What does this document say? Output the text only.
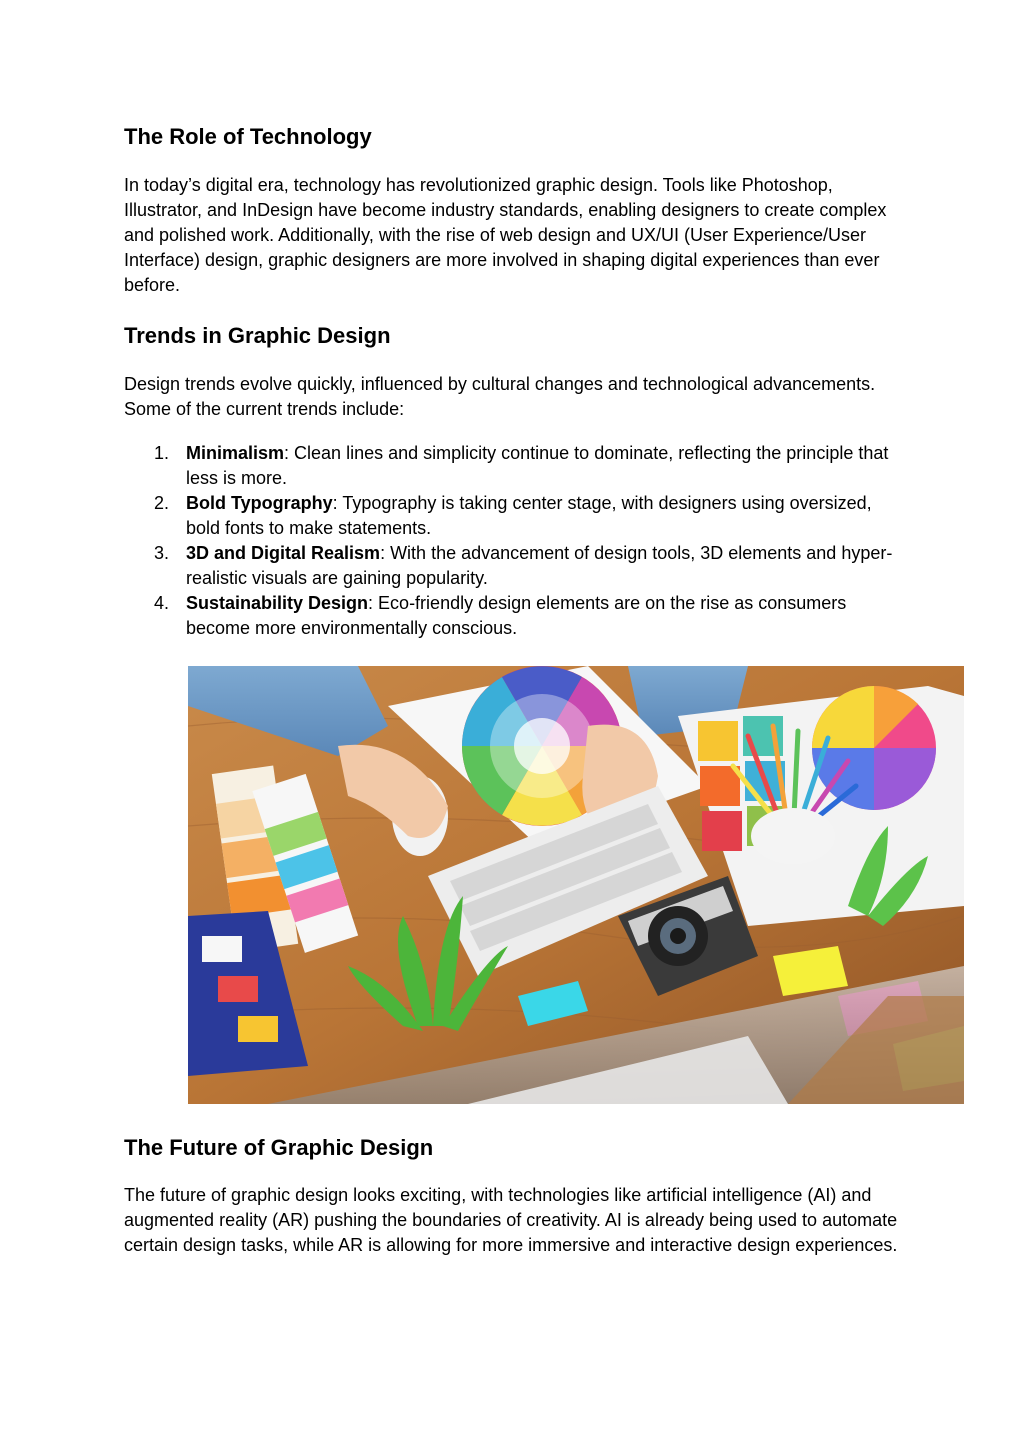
The Role of Technology

In today’s digital era, technology has revolutionized graphic design. Tools like Photoshop, Illustrator, and InDesign have become industry standards, enabling designers to create complex and polished work. Additionally, with the rise of web design and UX/UI (User Experience/User Interface) design, graphic designers are more involved in shaping digital experiences than ever before.

Trends in Graphic Design

Design trends evolve quickly, influenced by cultural changes and technological advancements. Some of the current trends include:

1. Minimalism: Clean lines and simplicity continue to dominate, reflecting the principle that less is more.
2. Bold Typography: Typography is taking center stage, with designers using oversized, bold fonts to make statements.
3. 3D and Digital Realism: With the advancement of design tools, 3D elements and hyper-realistic visuals are gaining popularity.
4. Sustainability Design: Eco-friendly design elements are on the rise as consumers become more environmentally conscious.
The Future of Graphic Design

The future of graphic design looks exciting, with technologies like artificial intelligence (AI) and augmented reality (AR) pushing the boundaries of creativity. AI is already being used to automate certain design tasks, while AR is allowing for more immersive and interactive design experiences.
